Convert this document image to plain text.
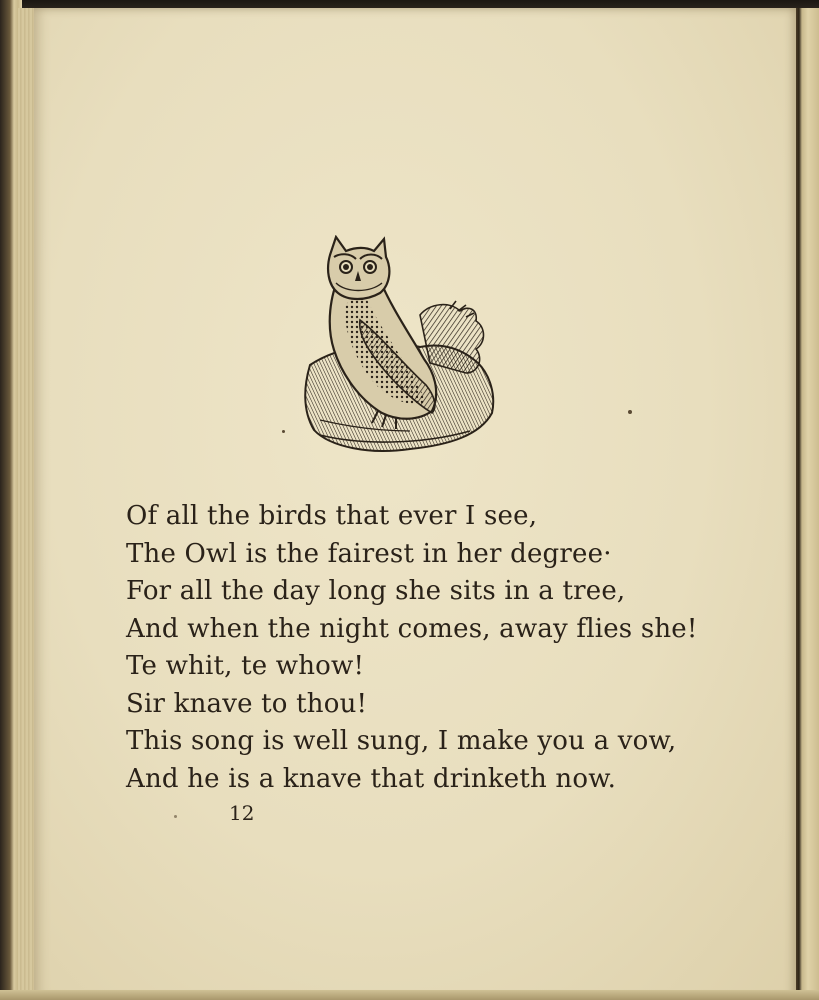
Of all the birds that ever I see,
The Owl is the fairest in her degree·
For all the day long she sits in a tree,
And when the night comes, away flies she!
Te whit, te whow!
Sir knave to thou!
This song is well sung, I make you a vow,
And he is a knave that drinketh now.
12
